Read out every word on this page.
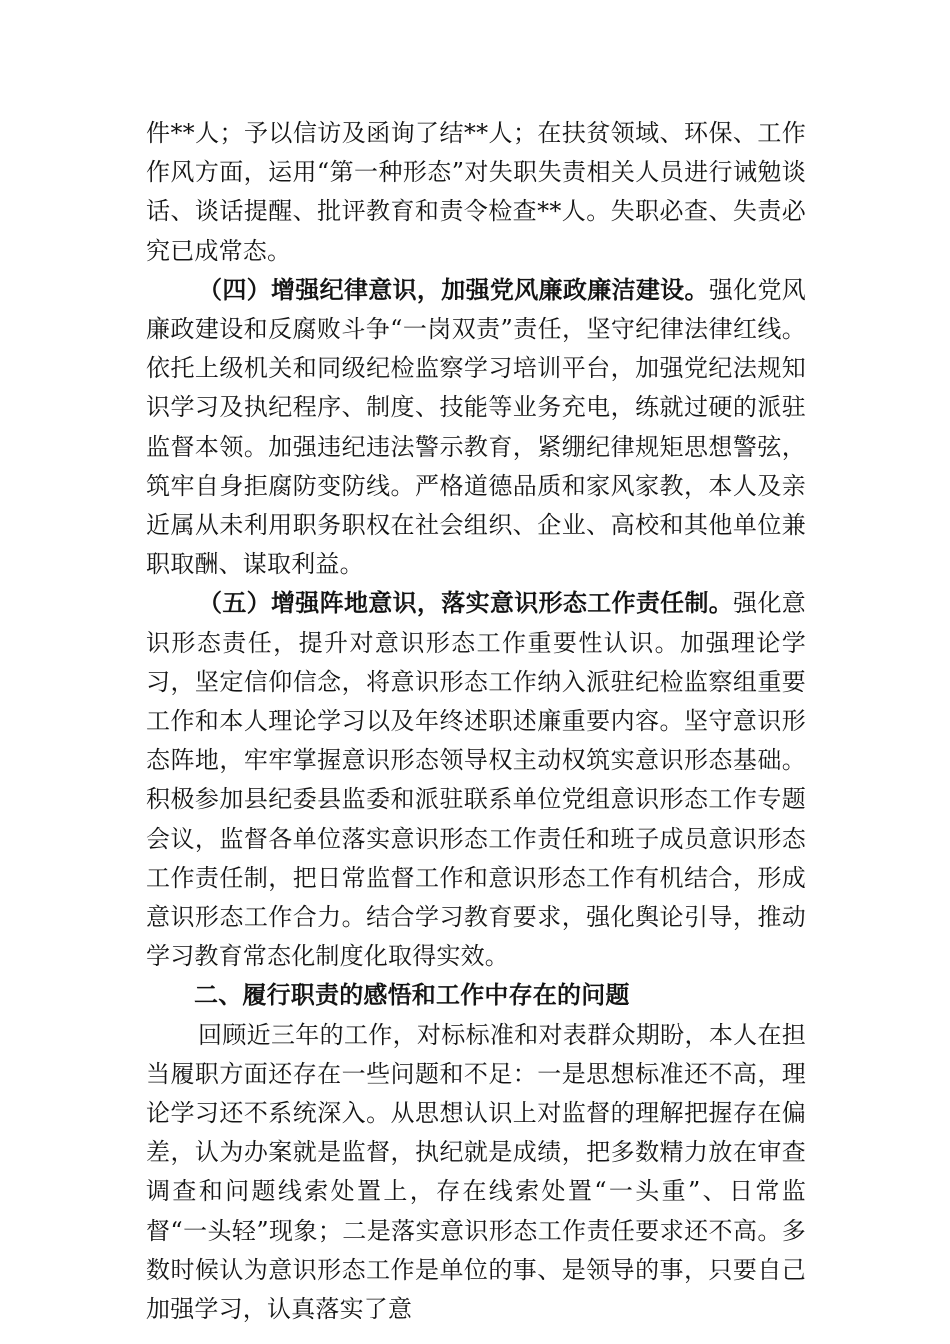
件**人；予以信访及函询了结**人；在扶贫领域、环保、工作作风方面，运用“第一种形态”对失职失责相关人员进行诫勉谈话、谈话提醒、批评教育和责令检查**人。失职必查、失责必究已成常态。

（四）增强纪律意识，加强党风廉政廉洁建设。强化党风廉政建设和反腐败斗争“一岗双责”责任，坚守纪律法律红线。依托上级机关和同级纪检监察学习培训平台，加强党纪法规知识学习及执纪程序、制度、技能等业务充电，练就过硬的派驻监督本领。加强违纪违法警示教育，紧绷纪律规矩思想警弦，筑牢自身拒腐防变防线。严格道德品质和家风家教，本人及亲近属从未利用职务职权在社会组织、企业、高校和其他单位兼职取酬、谋取利益。

（五）增强阵地意识，落实意识形态工作责任制。强化意识形态责任，提升对意识形态工作重要性认识。加强理论学习，坚定信仰信念，将意识形态工作纳入派驻纪检监察组重要工作和本人理论学习以及年终述职述廉重要内容。坚守意识形态阵地，牢牢掌握意识形态领导权主动权筑实意识形态基础。积极参加县纪委县监委和派驻联系单位党组意识形态工作专题会议，监督各单位落实意识形态工作责任和班子成员意识形态工作责任制，把日常监督工作和意识形态工作有机结合，形成意识形态工作合力。结合学习教育要求，强化舆论引导，推动学习教育常态化制度化取得实效。

二、履行职责的感悟和工作中存在的问题

回顾近三年的工作，对标标准和对表群众期盼，本人在担当履职方面还存在一些问题和不足：一是思想标准还不高，理论学习还不系统深入。从思想认识上对监督的理解把握存在偏差，认为办案就是监督，执纪就是成绩，把多数精力放在审查调查和问题线索处置上，存在线索处置“一头重”、日常监督“一头轻”现象；二是落实意识形态工作责任要求还不高。多数时候认为意识形态工作是单位的事、是领导的事，只要自己加强学习，认真落实了意
